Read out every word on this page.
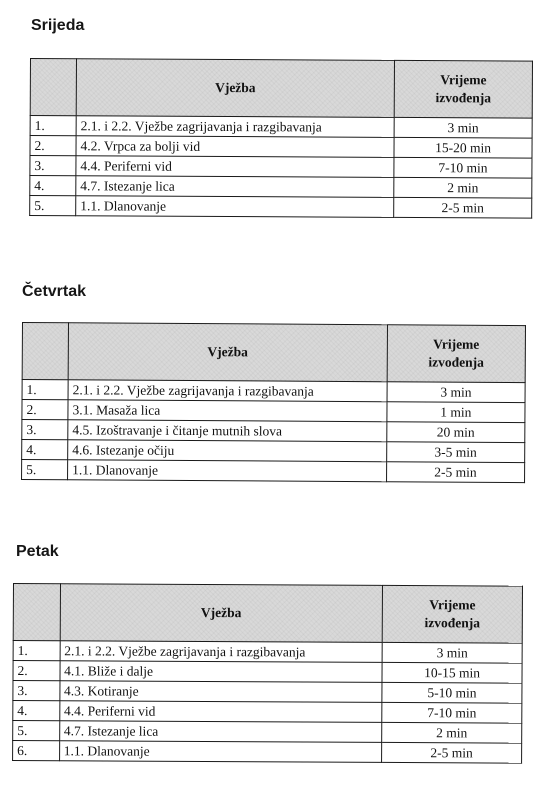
Srijeda
	Vježba	Vrijeme
izvođenja
1.	2.1. i 2.2. Vježbe zagrijavanja i razgibavanja	3 min
2.	4.2. Vrpca za bolji vid	15-20 min
3.	4.4. Periferni vid	7-10 min
4.	4.7. Istezanje lica	2 min
5.	1.1. Dlanovanje	2-5 min
Četvrtak
	Vježba	Vrijeme
izvođenja
1.	2.1. i 2.2. Vježbe zagrijavanja i razgibavanja	3 min
2.	3.1. Masaža lica	1 min
3.	4.5. Izoštravanje i čitanje mutnih slova	20 min
4.	4.6. Istezanje očiju	3-5 min
5.	1.1. Dlanovanje	2-5 min
Petak
	Vježba	Vrijeme
izvođenja
1.	2.1. i 2.2. Vježbe zagrijavanja i razgibavanja	3 min
2.	4.1. Bliže i dalje	10-15 min
3.	4.3. Kotiranje	5-10 min
4.	4.4. Periferni vid	7-10 min
5.	4.7. Istezanje lica	2 min
6.	1.1. Dlanovanje	2-5 min
